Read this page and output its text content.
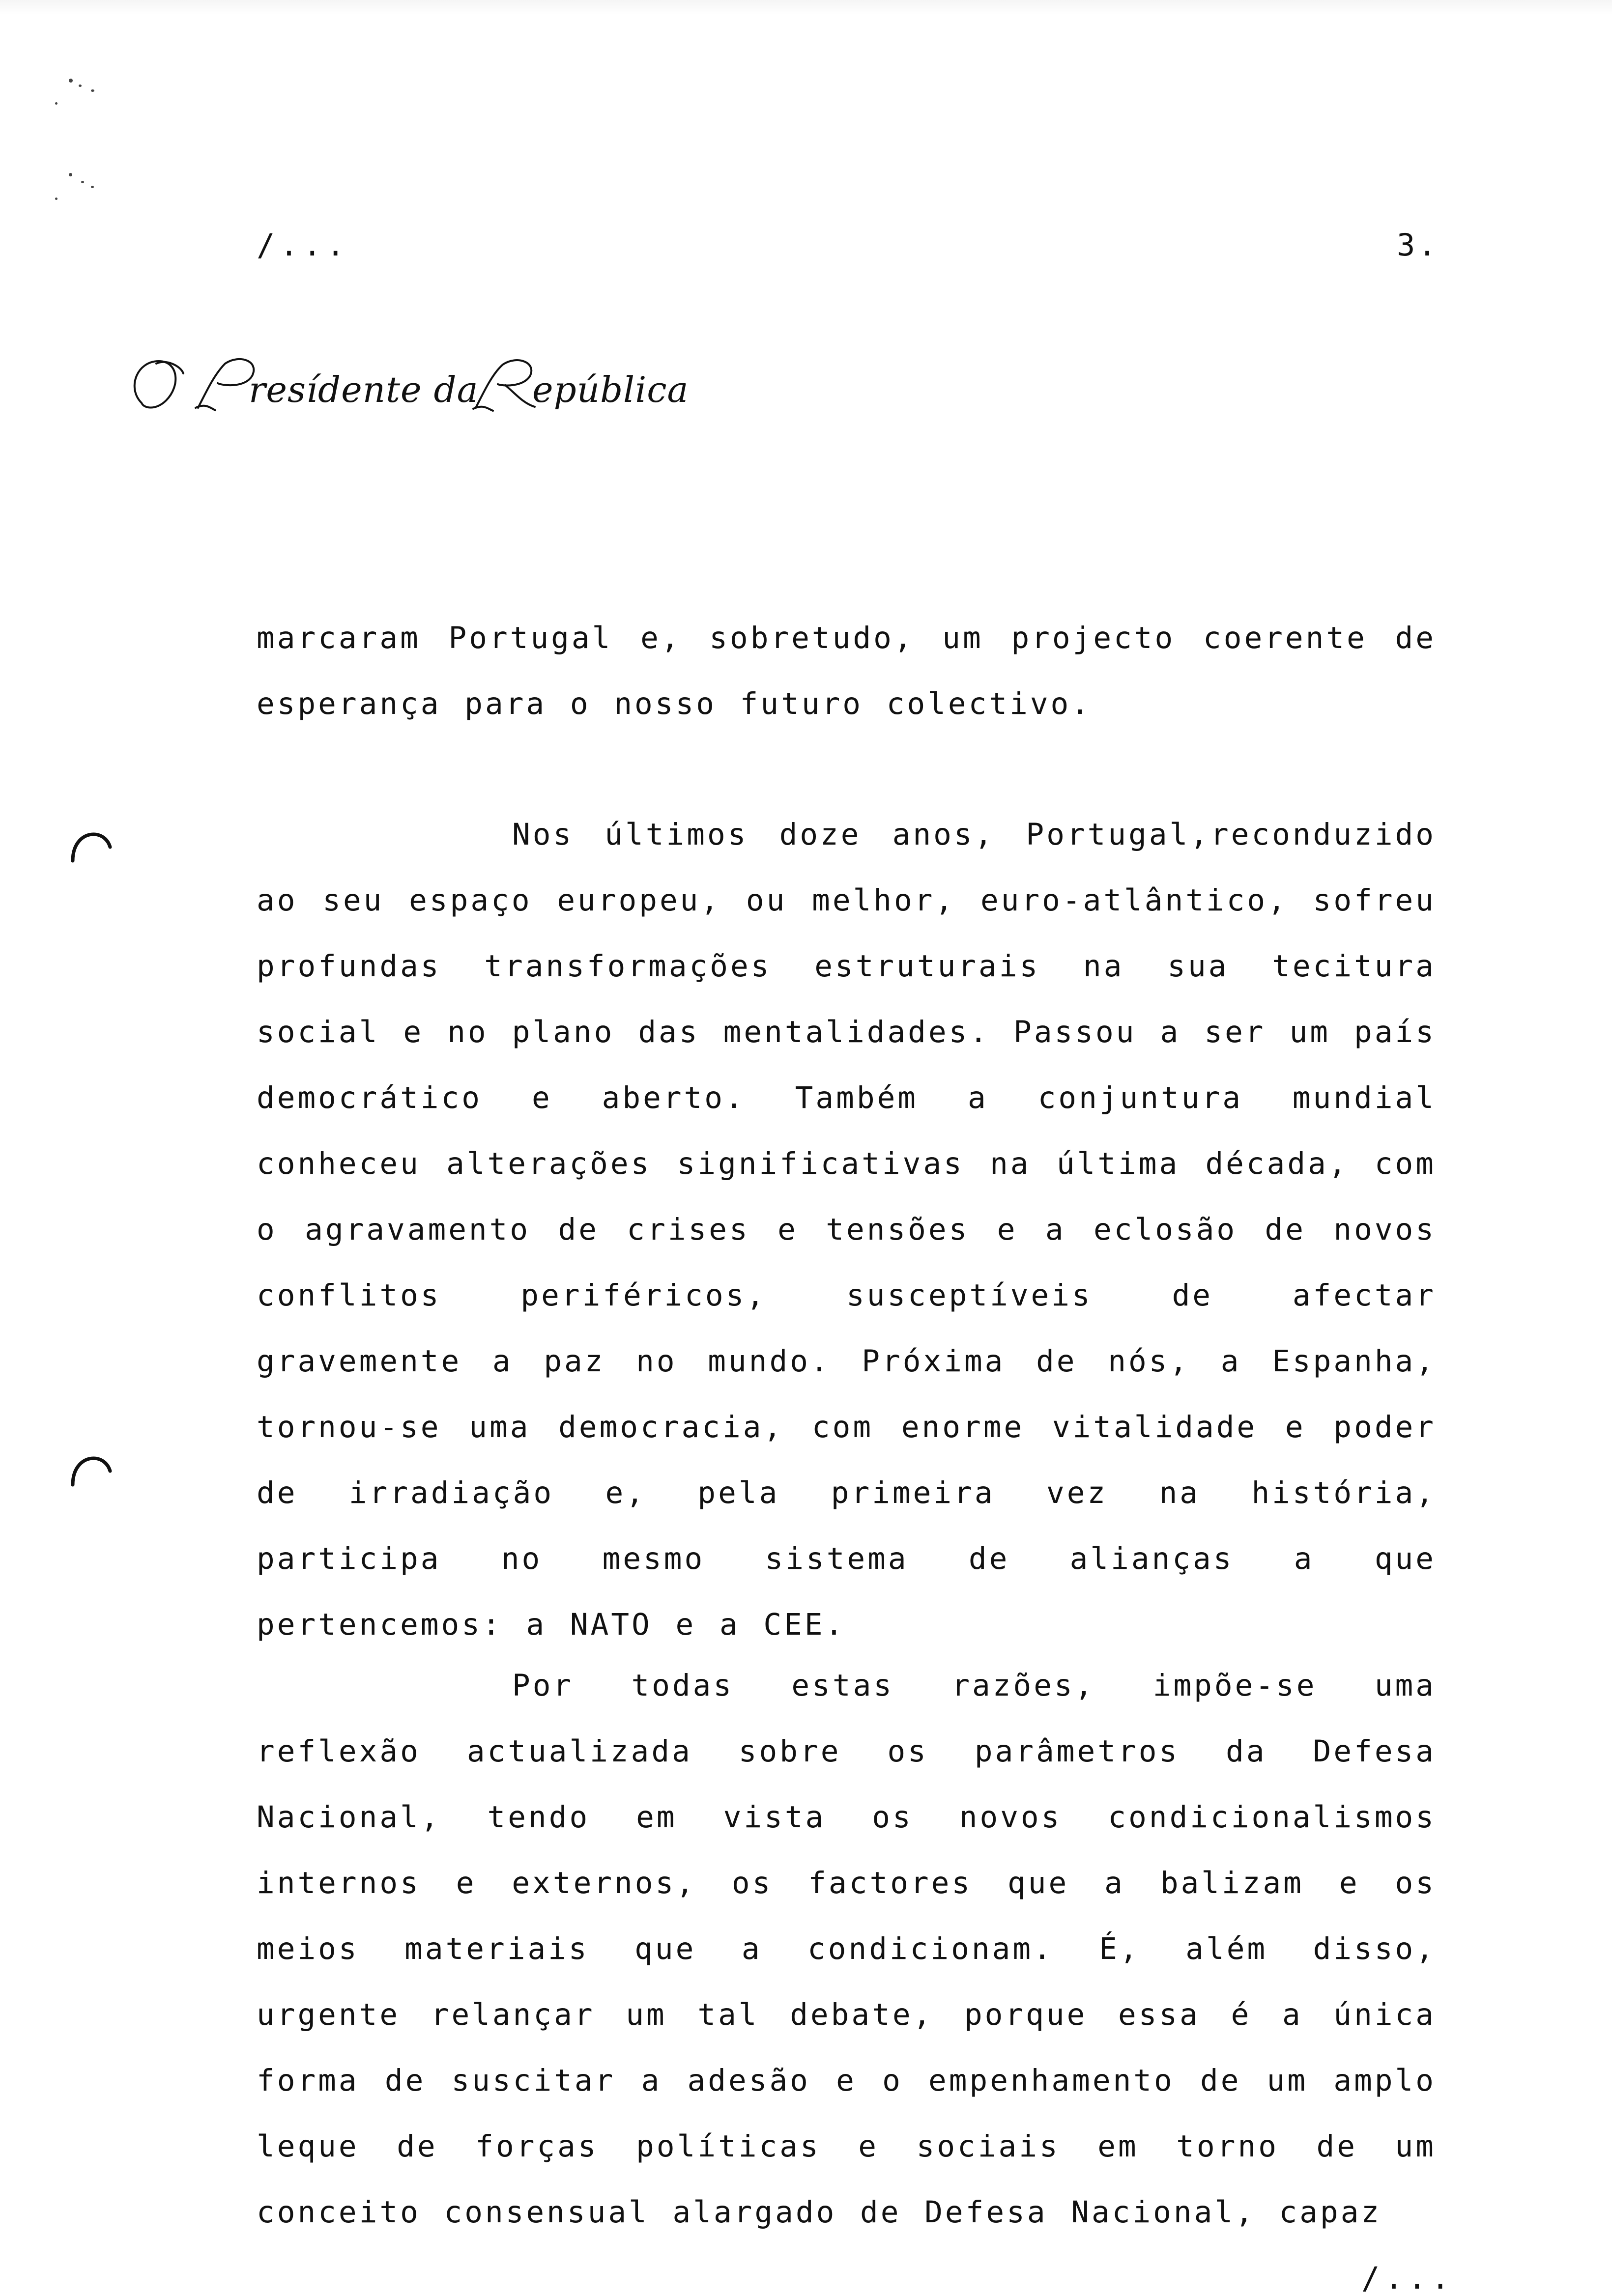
/...	3.
resídente da epública

marcaram Portugal e, sobretudo, um projecto coerente de esperança para o nosso futuro colectivo.

Nos últimos doze anos, Portugal,reconduzido ao seu espaço europeu, ou melhor, euro-atlântico, sofreu profundas transformações estruturais na sua tecitura social e no plano das mentalidades. Passou a ser um país democrático e aberto. Também a conjuntura mundial conheceu alterações significativas na última década, com o agravamento de crises e tensões e a eclosão de novos conflitos periféricos, susceptíveis de afectar gravemente a paz no mundo. Próxima de nós, a Espanha, tornou-se uma democracia, com enorme vitalidade e poder de irradiação e, pela primeira vez na história, participa no mesmo sistema de alianças a que pertencemos: a NATO e a CEE.

Por todas estas razões, impõe-se uma reflexão actualizada sobre os parâmetros da Defesa Nacional, tendo em vista os novos condicionalismos internos e externos, os factores que a balizam e os meios materiais que a condicionam. É, além disso, urgente relançar um tal debate, porque essa é a única forma de suscitar a adesão e o empenhamento de um amplo leque de forças políticas e sociais em torno de um conceito consensual alargado de Defesa Nacional, capaz

/...
